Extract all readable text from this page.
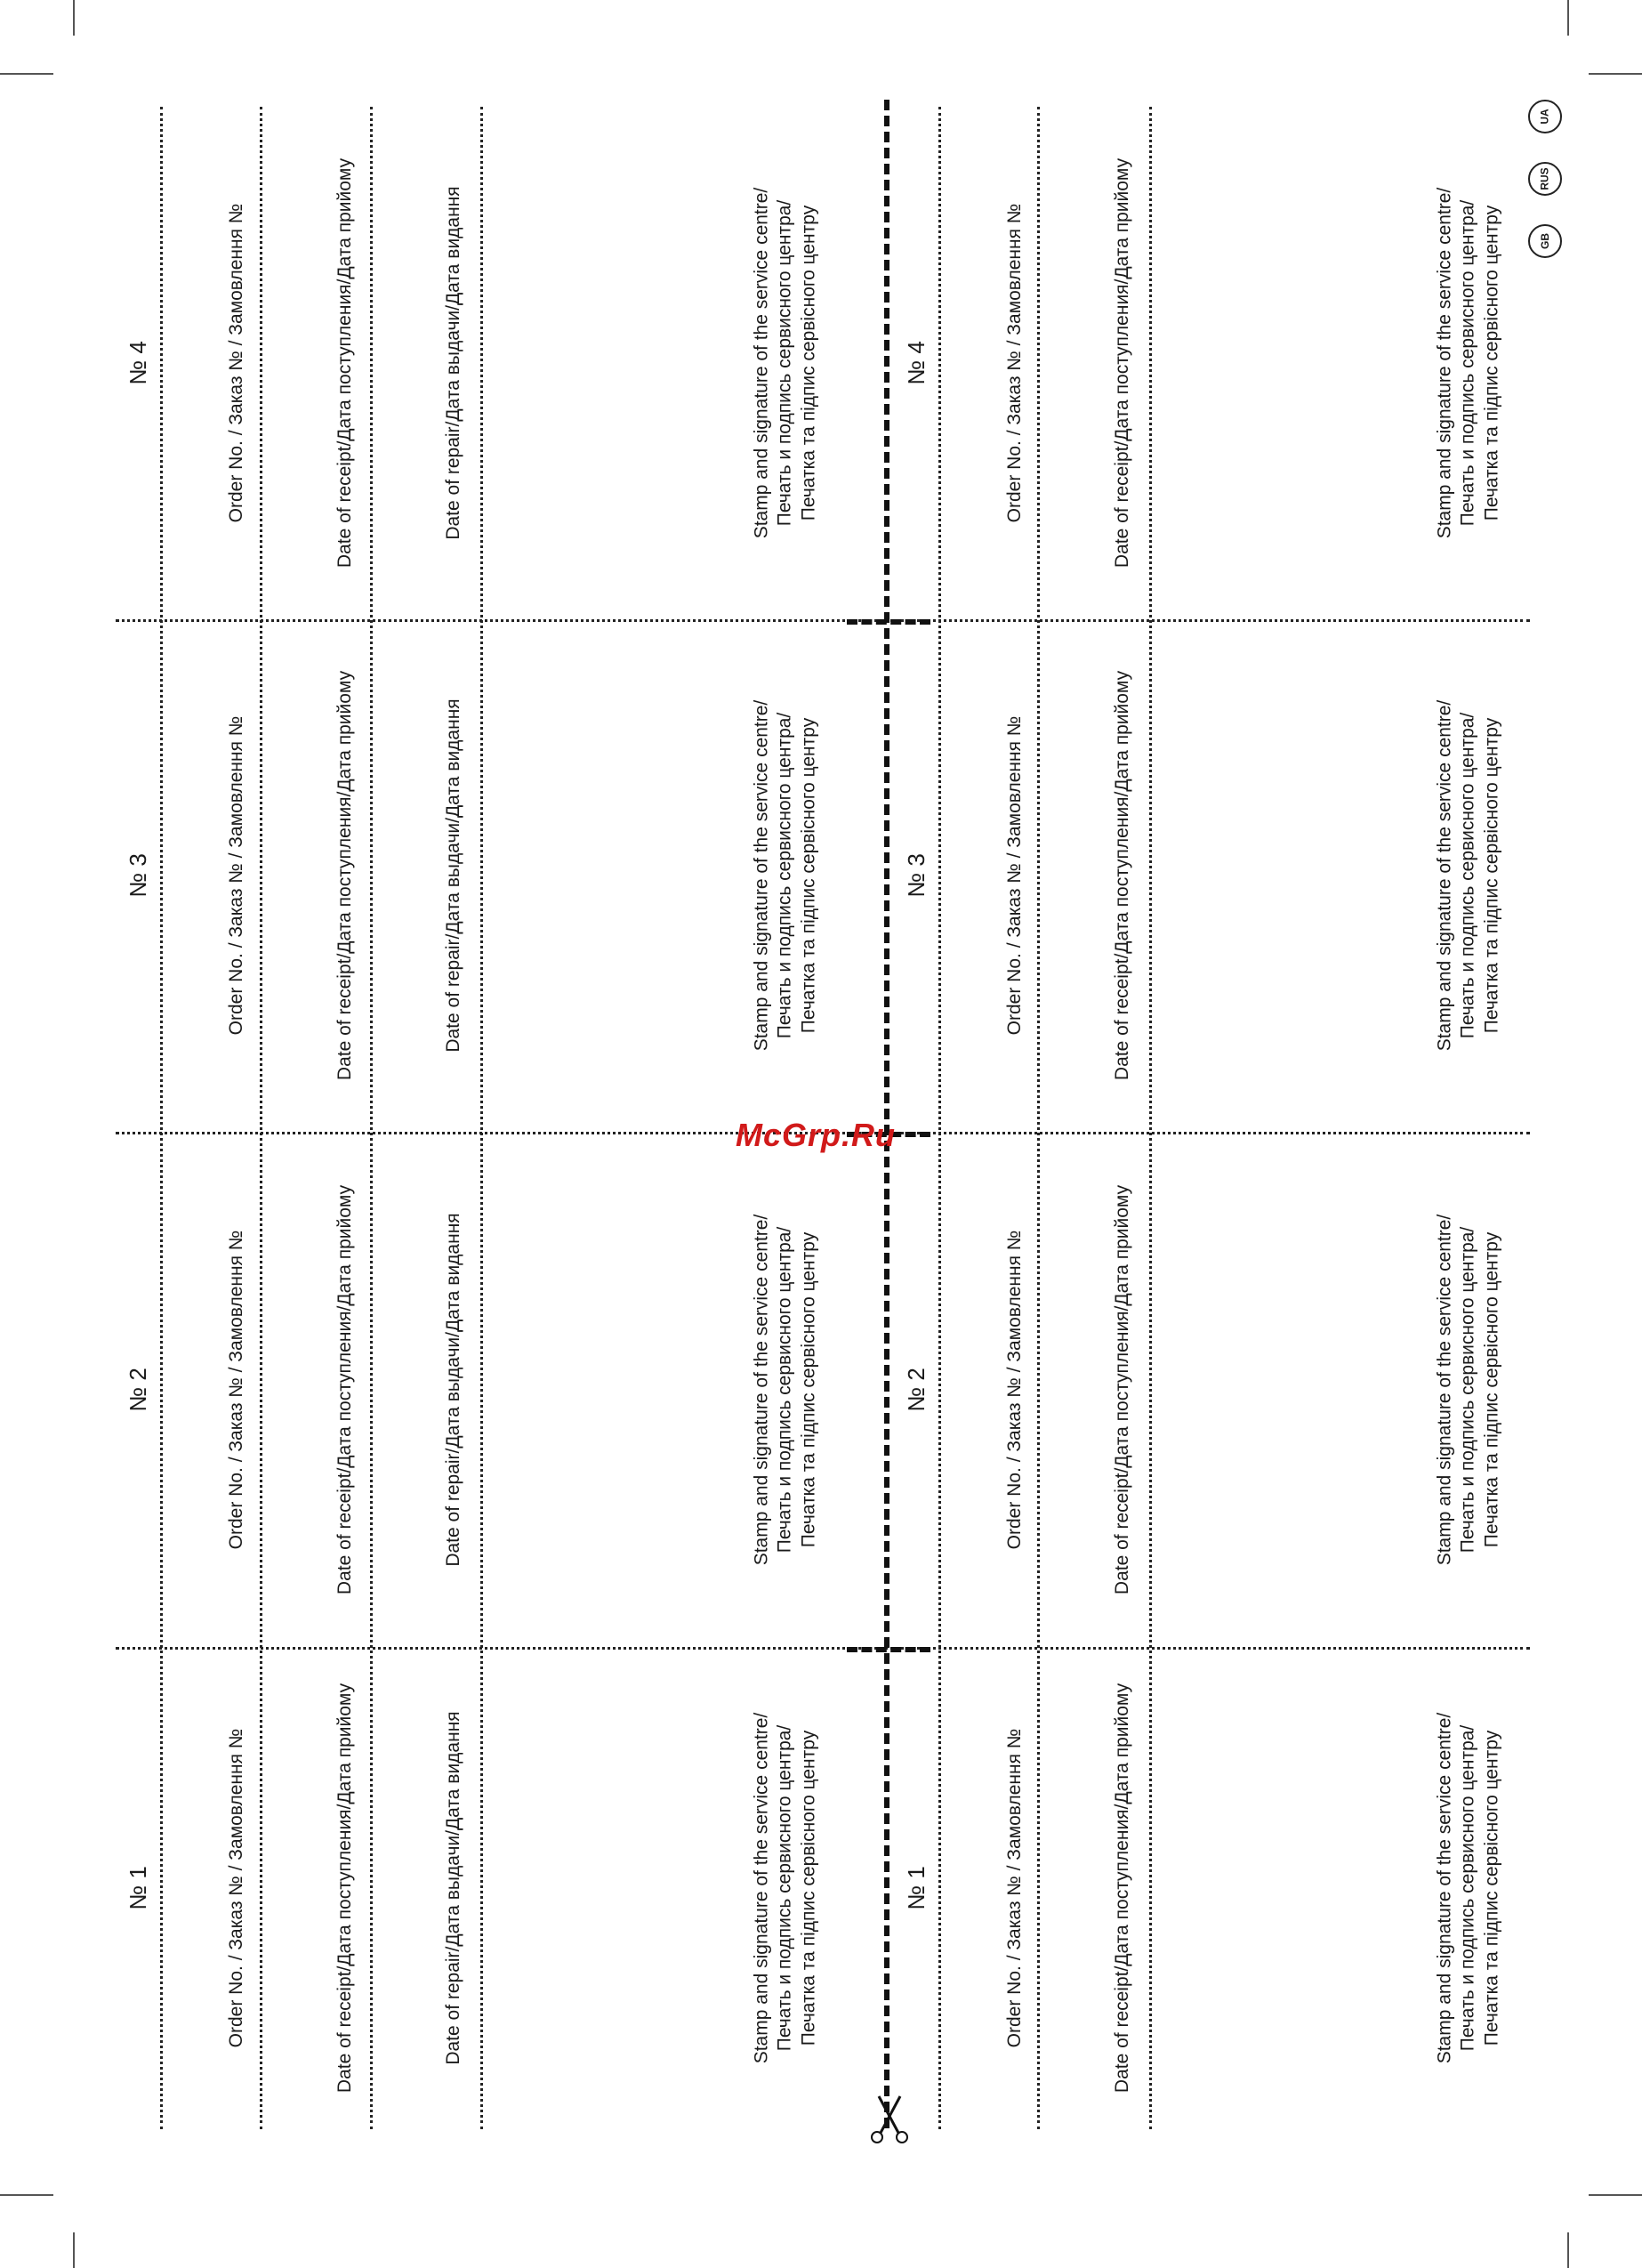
№ 4	Order No. / Заказ № / Замовлення №	Date of receipt/Дата поступления/Дата прийому	Date of repair/Дата выдачи/Дата видання	Stamp and signature of the service centre/ Печать и подпись сервисного центра/ Печатка та підпис сервісного центру	№ 4	Order No. / Заказ № / Замовлення №	Date of receipt/Дата поступления/Дата прийому	Stamp and signature of the service centre/ Печать и подпись сервисного центра/ Печатка та підпис сервісного центру
№ 3	Order No. / Заказ № / Замовлення №	Date of receipt/Дата поступления/Дата прийому	Date of repair/Дата выдачи/Дата видання	Stamp and signature of the service centre/ Печать и подпись сервисного центра/ Печатка та підпис сервісного центру	№ 3	Order No. / Заказ № / Замовлення №	Date of receipt/Дата поступления/Дата прийому	Stamp and signature of the service centre/ Печать и подпись сервисного центра/ Печатка та підпис сервісного центру
№ 2	Order No. / Заказ № / Замовлення №	Date of receipt/Дата поступления/Дата прийому	Date of repair/Дата выдачи/Дата видання	Stamp and signature of the service centre/ Печать и подпись сервисного центра/ Печатка та підпис сервісного центру	№ 2	Order No. / Заказ № / Замовлення №	Date of receipt/Дата поступления/Дата прийому	Stamp and signature of the service centre/ Печать и подпись сервисного центра/ Печатка та підпис сервісного центру
№ 1	Order No. / Заказ № / Замовлення №	Date of receipt/Дата поступления/Дата прийому	Date of repair/Дата выдачи/Дата видання	Stamp and signature of the service centre/ Печать и подпись сервисного центра/ Печатка та підпис сервісного центру	№ 1	Order No. / Заказ № / Замовлення №	Date of receipt/Дата поступления/Дата прийому	Stamp and signature of the service centre/ Печать и подпись сервисного центра/ Печатка та підпис сервісного центру
UA
RUS
GB
McGrp.Ru
